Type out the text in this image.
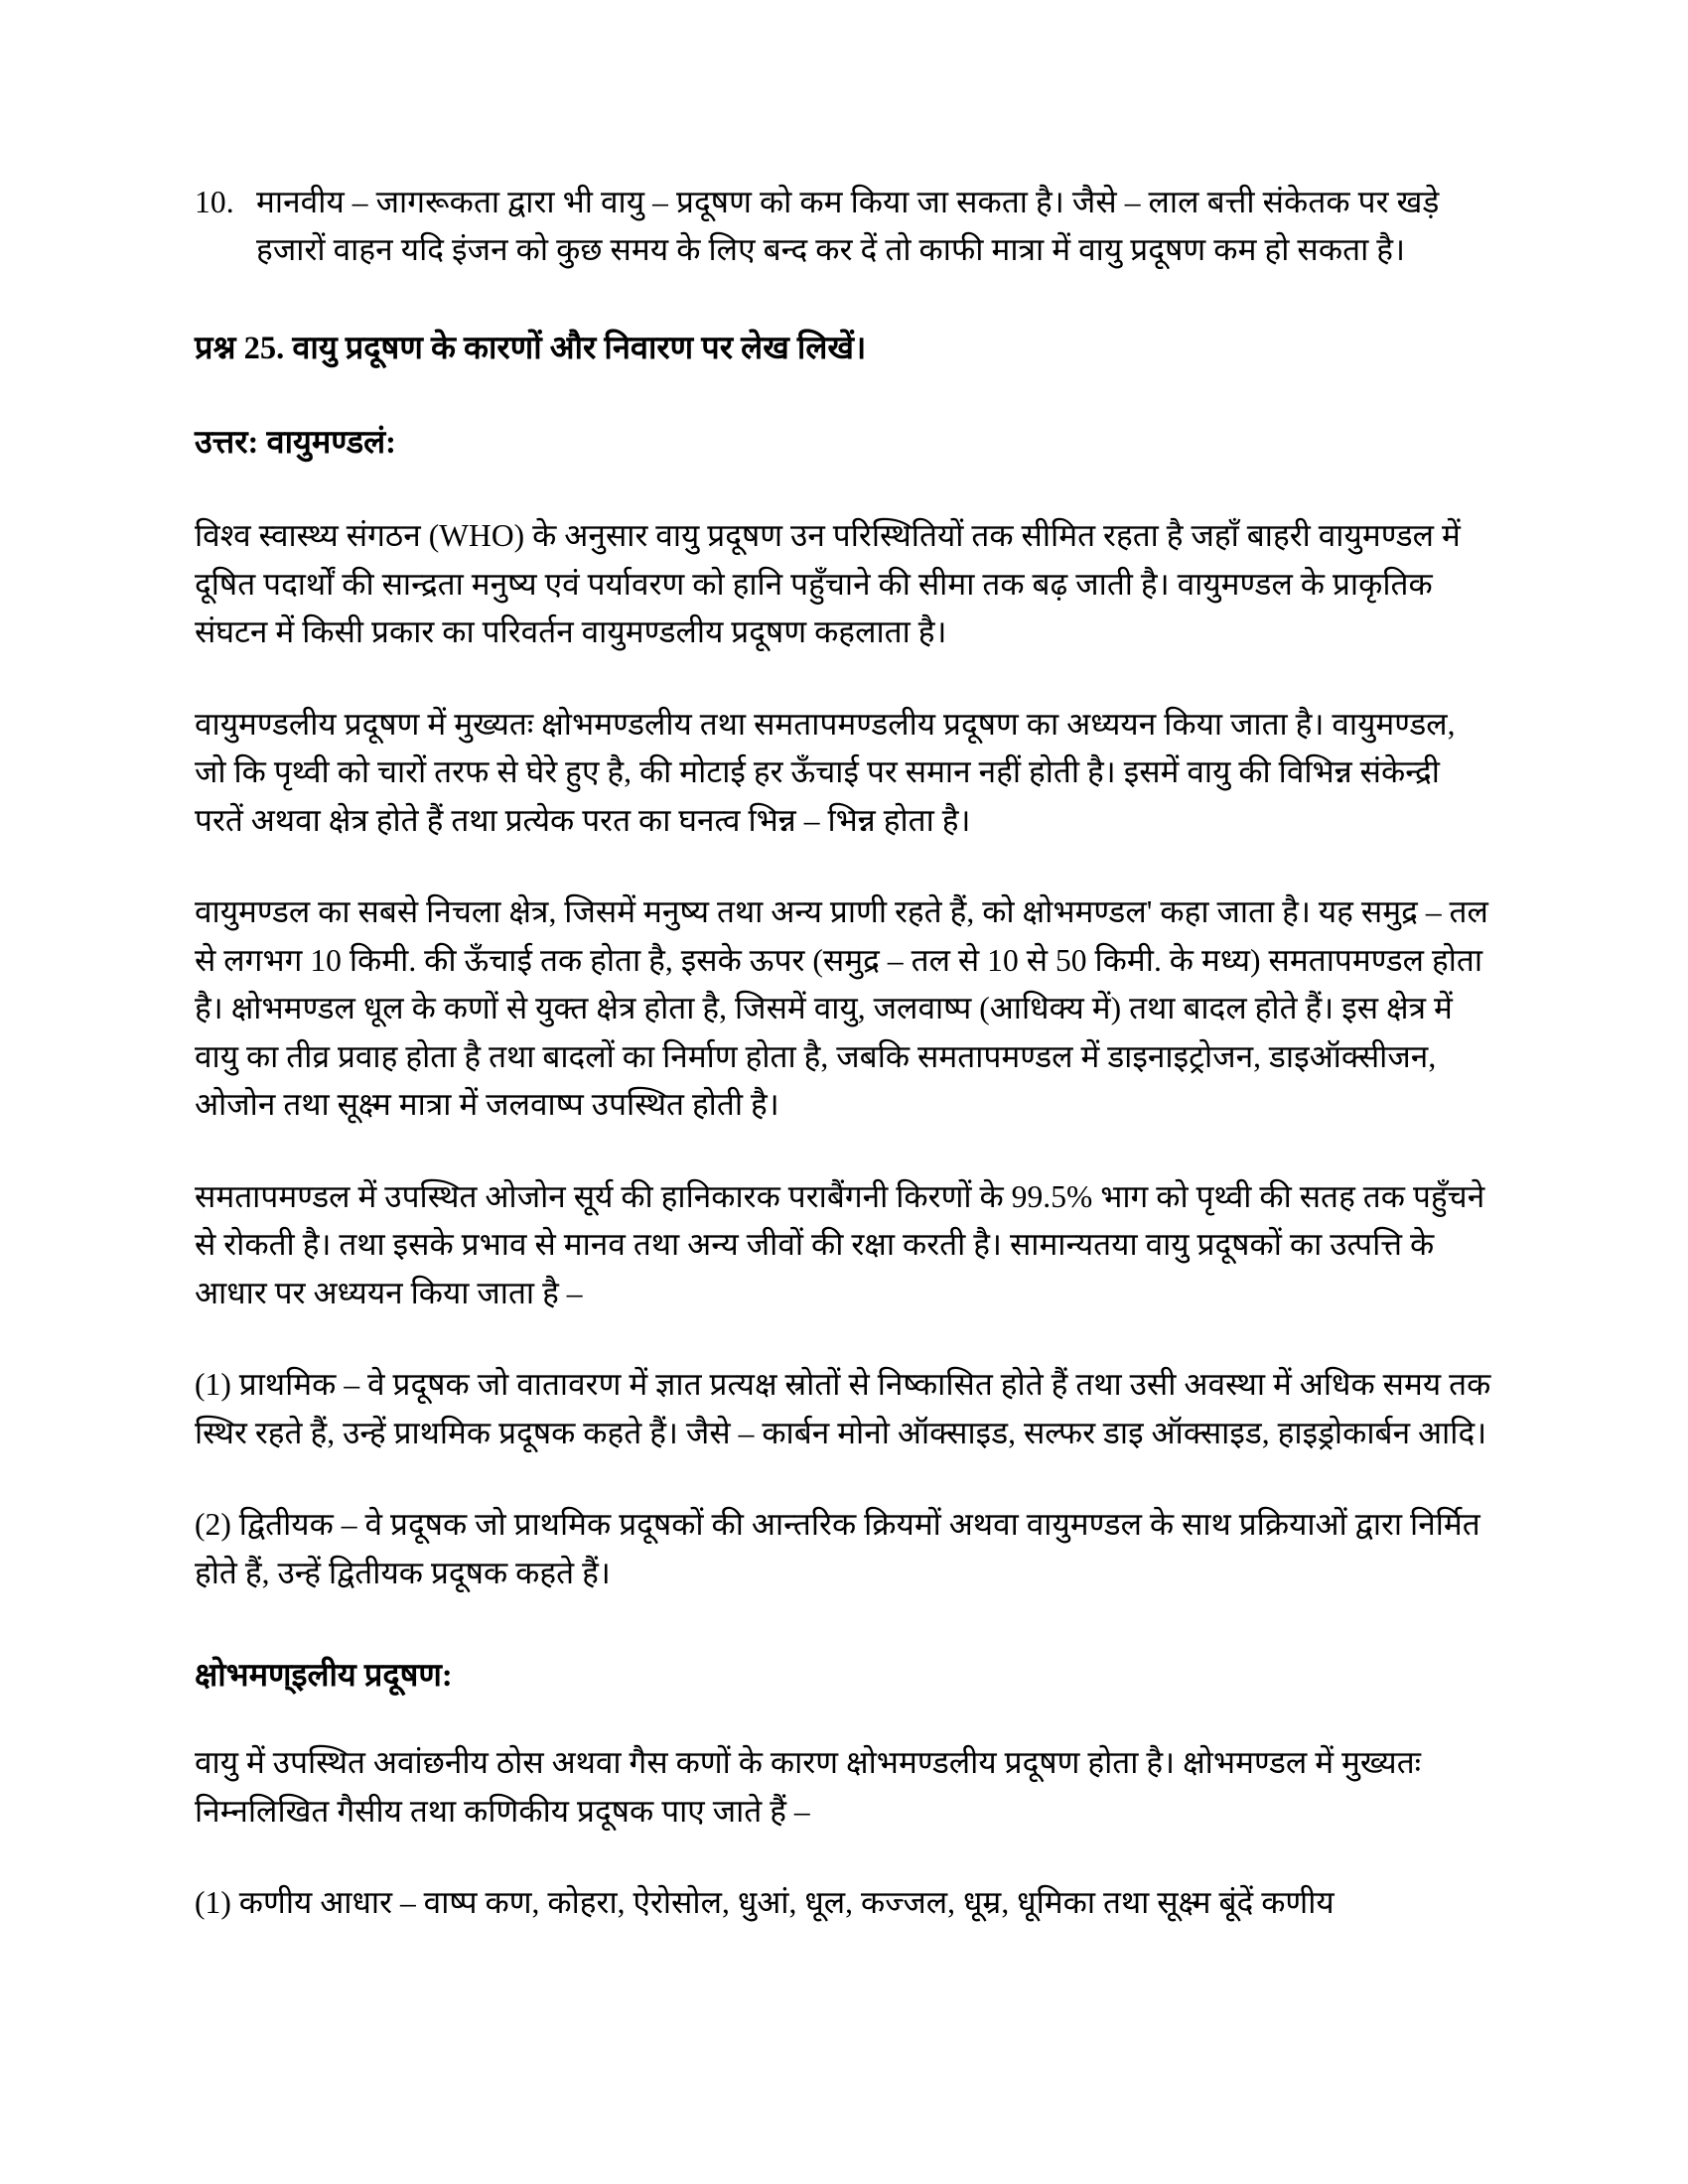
10. मानवीय – जागरूकता द्वारा भी वायु – प्रदूषण को कम किया जा सकता है। जैसे – लाल बत्ती संकेतक पर खड़े हजारों वाहन यदि इंजन को कुछ समय के लिए बन्द कर दें तो काफी मात्रा में वायु प्रदूषण कम हो सकता है।
प्रश्न 25. वायु प्रदूषण के कारणों और निवारण पर लेख लिखें।
उत्तर: वायुमण्डलं:

विश्व स्वास्थ्य संगठन (WHO) के अनुसार वायु प्रदूषण उन परिस्थितियों तक सीमित रहता है जहाँ बाहरी वायुमण्डल में दूषित पदार्थों की सान्द्रता मनुष्य एवं पर्यावरण को हानि पहुँचाने की सीमा तक बढ़ जाती है। वायुमण्डल के प्राकृतिक संघटन में किसी प्रकार का परिवर्तन वायुमण्डलीय प्रदूषण कहलाता है।

वायुमण्डलीय प्रदूषण में मुख्यतः क्षोभमण्डलीय तथा समतापमण्डलीय प्रदूषण का अध्ययन किया जाता है। वायुमण्डल, जो कि पृथ्वी को चारों तरफ से घेरे हुए है, की मोटाई हर ऊँचाई पर समान नहीं होती है। इसमें वायु की विभिन्न संकेन्द्री परतें अथवा क्षेत्र होते हैं तथा प्रत्येक परत का घनत्व भिन्न – भिन्न होता है।

वायुमण्डल का सबसे निचला क्षेत्र, जिसमें मनुष्य तथा अन्य प्राणी रहते हैं, को क्षोभमण्डल' कहा जाता है। यह समुद्र – तल से लगभग 10 किमी. की ऊँचाई तक होता है, इसके ऊपर (समुद्र – तल से 10 से 50 किमी. के मध्य) समतापमण्डल होता है। क्षोभमण्डल धूल के कणों से युक्त क्षेत्र होता है, जिसमें वायु, जलवाष्प (आधिक्य में) तथा बादल होते हैं। इस क्षेत्र में वायु का तीव्र प्रवाह होता है तथा बादलों का निर्माण होता है, जबकि समतापमण्डल में डाइनाइट्रोजन, डाइऑक्सीजन, ओजोन तथा सूक्ष्म मात्रा में जलवाष्प उपस्थित होती है।

समतापमण्डल में उपस्थित ओजोन सूर्य की हानिकारक पराबैंगनी किरणों के 99.5% भाग को पृथ्वी की सतह तक पहुँचने से रोकती है। तथा इसके प्रभाव से मानव तथा अन्य जीवों की रक्षा करती है। सामान्यतया वायु प्रदूषकों का उत्पत्ति के आधार पर अध्ययन किया जाता है –

(1) प्राथमिक – वे प्रदूषक जो वातावरण में ज्ञात प्रत्यक्ष स्रोतों से निष्कासित होते हैं तथा उसी अवस्था में अधिक समय तक स्थिर रहते हैं, उन्हें प्राथमिक प्रदूषक कहते हैं। जैसे – कार्बन मोनो ऑक्साइड, सल्फर डाइ ऑक्साइड, हाइड्रोकार्बन आदि।

(2) द्वितीयक – वे प्रदूषक जो प्राथमिक प्रदूषकों की आन्तरिक क्रियमों अथवा वायुमण्डल के साथ प्रक्रियाओं द्वारा निर्मित होते हैं, उन्हें द्वितीयक प्रदूषक कहते हैं।

क्षोभमण्इलीय प्रदूषण:

वायु में उपस्थित अवांछनीय ठोस अथवा गैस कणों के कारण क्षोभमण्डलीय प्रदूषण होता है। क्षोभमण्डल में मुख्यतः निम्नलिखित गैसीय तथा कणिकीय प्रदूषक पाए जाते हैं –

(1) कणीय आधार – वाष्प कण, कोहरा, ऐरोसोल, धुआं, धूल, कज्जल, धूम्र, धूमिका तथा सूक्ष्म बूंदें कणीय
